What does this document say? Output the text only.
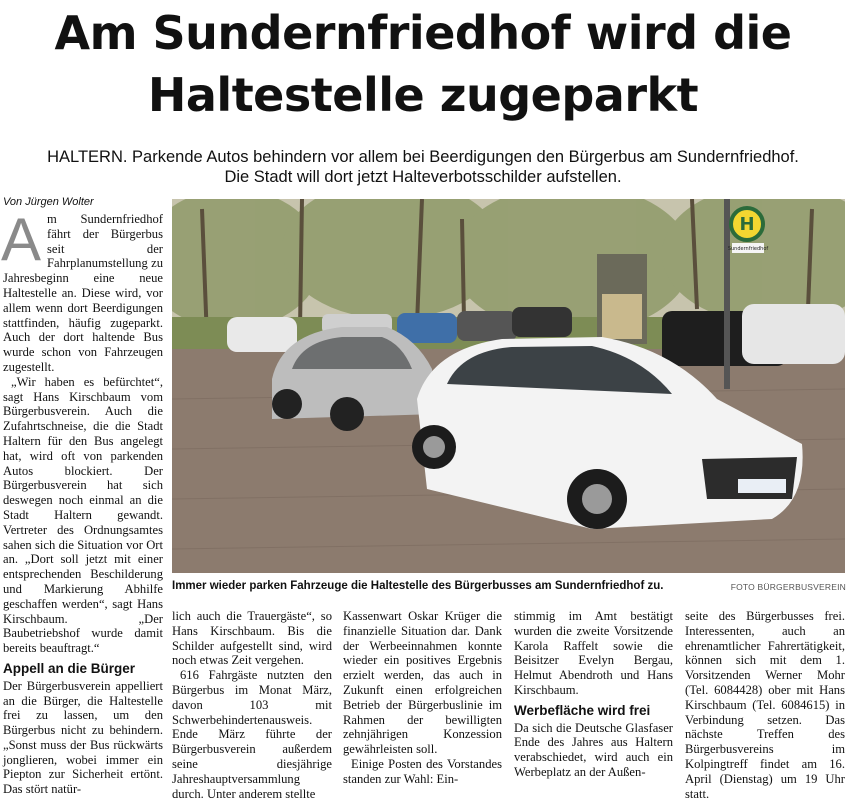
Am Sundernfriedhof wird die
Haltestelle zugeparkt
HALTERN. Parkende Autos behindern vor allem bei Beerdigungen den Bürgerbus am Sundernfriedhof.
Die Stadt will dort jetzt Halteverbotsschilder aufstellen.
Von Jürgen Wolter

Am Sundernfriedhof fährt der Bürgerbus seit der Fahrplanumstellung zu Jahresbeginn eine neue Haltestelle an. Diese wird, vor allem wenn dort Beerdigungen stattfinden, häufig zugeparkt. Auch der dort haltende Bus wurde schon von Fahrzeugen zugestellt.

„Wir haben es befürchtet“, sagt Hans Kirschbaum vom Bürgerbusverein. Auch die Zufahrtschneise, die die Stadt Haltern für den Bus angelegt hat, wird oft von parkenden Autos blockiert. Der Bürgerbusverein hat sich deswegen noch einmal an die Stadt Haltern gewandt. Vertreter des Ordnungsamtes sahen sich die Situation vor Ort an. „Dort soll jetzt mit einer entsprechenden Beschilderung und Markierung Abhilfe geschaffen werden“, sagt Hans Kirschbaum. „Der Baubetriebshof wurde damit bereits beauftragt.“

Appell an die Bürger

Der Bürgerbusverein appelliert an die Bürger, die Haltestelle frei zu lassen, um den Bürgerbus nicht zu behindern. „Sonst muss der Bus rückwärts jonglieren, wobei immer ein Piepton zur Sicherheit ertönt. Das stört natür-

H
Sundernfriedhof
Immer wieder parken Fahrzeuge die Haltestelle des Bürgerbusses am Sundernfriedhof zu.	FOTO BÜRGERBUSVEREIN

lich auch die Trauergäste“, so Hans Kirschbaum. Bis die Schilder aufgestellt sind, wird noch etwas Zeit vergehen.

616 Fahrgäste nutzten den Bürgerbus im Monat März, davon 103 mit Schwerbehindertenausweis. Ende März führte der Bürgerbusverein außerdem seine diesjährige Jahreshauptversammlung durch. Unter anderem stellte

Kassenwart Oskar Krüger die finanzielle Situation dar. Dank der Werbeeinnahmen konnte wieder ein positives Ergebnis erzielt werden, das auch in Zukunft einen erfolgreichen Betrieb der Bürgerbuslinie im Rahmen der bewilligten zehnjährigen Konzession gewährleisten soll.

Einige Posten des Vorstandes standen zur Wahl: Ein-

stimmig im Amt bestätigt wurden die zweite Vorsitzende Karola Raffelt sowie die Beisitzer Evelyn Bergau, Helmut Abendroth und Hans Kirschbaum.

Werbefläche wird frei

Da sich die Deutsche Glasfaser Ende des Jahres aus Haltern verabschiedet, wird auch ein Werbeplatz an der Außen-

seite des Bürgerbusses frei. Interessenten, auch an ehrenamtlicher Fahrertätigkeit, können sich mit dem 1. Vorsitzenden Werner Mohr (Tel. 6084428) ober mit Hans Kirschbaum (Tel. 6084615) in Verbindung setzen. Das nächste Treffen des Bürgerbusvereins im Kolpingtreff findet am 16. April (Dienstag) um 19 Uhr statt.
